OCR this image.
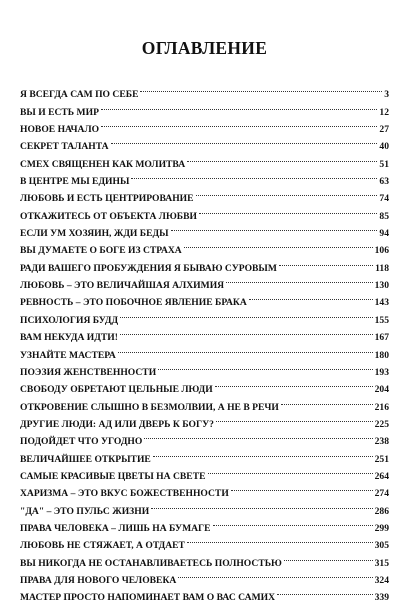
ОГЛАВЛЕНИЕ
Я ВСЕГДА САМ ПО СЕБЕ	3
ВЫ И ЕСТЬ МИР	12
НОВОЕ НАЧАЛО	27
СЕКРЕТ ТАЛАНТА	40
СМЕХ СВЯЩЕНЕН КАК МОЛИТВА	51
В ЦЕНТРЕ МЫ ЕДИНЫ	63
ЛЮБОВЬ И ЕСТЬ ЦЕНТРИРОВАНИЕ	74
ОТКАЖИТЕСЬ ОТ ОБЪЕКТА ЛЮБВИ	85
ЕСЛИ УМ ХОЗЯИН, ЖДИ БЕДЫ	94
ВЫ ДУМАЕТЕ О БОГЕ ИЗ СТРАХА	106
РАДИ ВАШЕГО ПРОБУЖДЕНИЯ Я БЫВАЮ СУРОВЫМ	118
ЛЮБОВЬ – ЭТО ВЕЛИЧАЙШАЯ АЛХИМИЯ	130
РЕВНОСТЬ – ЭТО ПОБОЧНОЕ ЯВЛЕНИЕ БРАКА	143
ПСИХОЛОГИЯ БУДД	155
ВАМ НЕКУДА ИДТИ!	167
УЗНАЙТЕ МАСТЕРА	180
ПОЭЗИЯ ЖЕНСТВЕННОСТИ	193
СВОБОДУ ОБРЕТАЮТ ЦЕЛЬНЫЕ ЛЮДИ	204
ОТКРОВЕНИЕ СЛЫШНО В БЕЗМОЛВИИ, А НЕ В РЕЧИ	216
ДРУГИЕ ЛЮДИ: АД ИЛИ ДВЕРЬ К БОГУ?	225
ПОДОЙДЕТ ЧТО УГОДНО	238
ВЕЛИЧАЙШЕЕ ОТКРЫТИЕ	251
САМЫЕ КРАСИВЫЕ ЦВЕТЫ НА СВЕТЕ	264
ХАРИЗМА – ЭТО ВКУС БОЖЕСТВЕННОСТИ	274
"ДА" – ЭТО ПУЛЬС ЖИЗНИ	286
ПРАВА ЧЕЛОВЕКА – ЛИШЬ НА БУМАГЕ	299
ЛЮБОВЬ НЕ СТЯЖАЕТ, А ОТДАЕТ	305
ВЫ НИКОГДА НЕ ОСТАНАВЛИВАЕТЕСЬ ПОЛНОСТЬЮ	315
ПРАВА ДЛЯ НОВОГО ЧЕЛОВЕКА	324
МАСТЕР ПРОСТО НАПОМИНАЕТ ВАМ О ВАС САМИХ	339
